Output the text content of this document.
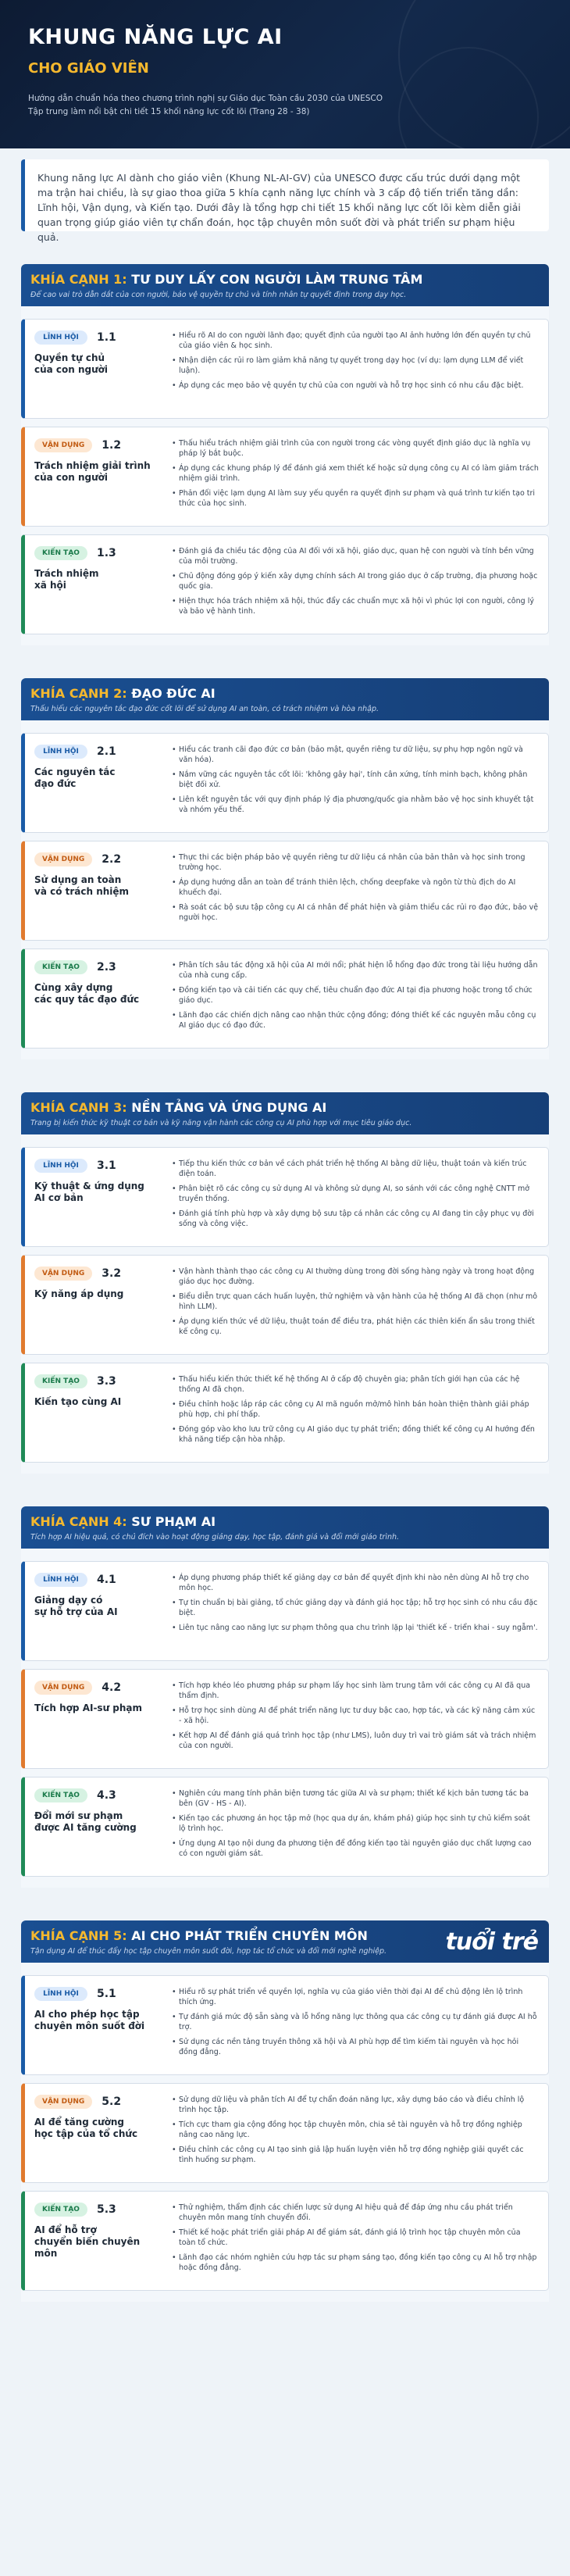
KHUNG NĂNG LỰC AI
CHO GIÁO VIÊN
Hướng dẫn chuẩn hóa theo chương trình nghị sự Giáo dục Toàn cầu 2030 của UNESCO
Tập trung làm nổi bật chi tiết 15 khối năng lực cốt lõi (Trang 28 - 38)
Khung năng lực AI dành cho giáo viên (Khung NL-AI-GV) của UNESCO được cấu trúc dưới dạng một ma trận hai chiều, là sự giao thoa giữa 5 khía cạnh năng lực chính và 3 cấp độ tiến triển tăng dần: Lĩnh hội, Vận dụng, và Kiến tạo. Dưới đây là tổng hợp chi tiết 15 khối năng lực cốt lõi kèm diễn giải quan trọng giúp giáo viên tự chẩn đoán, học tập chuyên môn suốt đời và phát triển sư phạm hiệu quả.
KHÍA CẠNH 1: TƯ DUY LẤY CON NGƯỜI LÀM TRUNG TÂM
Để cao vai trò dẫn dắt của con người, bảo vệ quyền tự chủ và tính nhân tự quyết định trong dạy học.
LĨNH HỘI	1.1
Quyền tự chủ
của con người
• Hiểu rõ AI do con người lãnh đạo; quyết định của người tạo AI ảnh hưởng lớn đến quyền tự chủ của giáo viên & học sinh.
• Nhận diện các rủi ro làm giảm khả năng tự quyết trong dạy học (ví dụ: lạm dụng LLM để viết luận).
• Áp dụng các mẹo bảo vệ quyền tự chủ của con người và hỗ trợ học sinh có nhu cầu đặc biệt.
VẬN DỤNG	1.2
Trách nhiệm giải trình
của con người
• Thấu hiểu trách nhiệm giải trình của con người trong các vòng quyết định giáo dục là nghĩa vụ pháp lý bắt buộc.
• Áp dụng các khung pháp lý để đánh giá xem thiết kế hoặc sử dụng công cụ AI có làm giảm trách nhiệm giải trình.
• Phản đối việc lạm dụng AI làm suy yếu quyền ra quyết định sư phạm và quá trình tư kiến tạo tri thức của học sinh.
KIẾN TẠO	1.3
Trách nhiệm
xã hội
• Đánh giá đa chiều tác động của AI đối với xã hội, giáo dục, quan hệ con người và tính bền vững của môi trường.
• Chủ động đóng góp ý kiến xây dựng chính sách AI trong giáo dục ở cấp trường, địa phương hoặc quốc gia.
• Hiện thực hóa trách nhiệm xã hội, thúc đẩy các chuẩn mực xã hội vì phúc lợi con người, công lý và bảo vệ hành tinh.
KHÍA CẠNH 2: ĐẠO ĐỨC AI
Thấu hiểu các nguyên tắc đạo đức cốt lõi để sử dụng AI an toàn, có trách nhiệm và hòa nhập.
LĨNH HỘI	2.1
Các nguyên tắc
đạo đức
• Hiểu các tranh cãi đạo đức cơ bản (bảo mật, quyền riêng tư dữ liệu, sự phụ hợp ngôn ngữ và văn hóa).
• Nắm vững các nguyên tắc cốt lõi: 'không gây hại', tính cân xứng, tính minh bạch, không phân biệt đối xử.
• Liên kết nguyên tắc với quy định pháp lý địa phương/quốc gia nhằm bảo vệ học sinh khuyết tật và nhóm yếu thế.
VẬN DỤNG	2.2
Sử dụng an toàn
và có trách nhiệm
• Thực thi các biện pháp bảo vệ quyền riêng tư dữ liệu cá nhân của bản thân và học sinh trong trường học.
• Áp dụng hướng dẫn an toàn để tránh thiên lệch, chống deepfake và ngôn từ thù địch do AI khuếch đại.
• Rà soát các bộ sưu tập công cụ AI cá nhân để phát hiện và giảm thiểu các rủi ro đạo đức, bảo vệ người học.
KIẾN TẠO	2.3
Cùng xây dựng
các quy tắc đạo đức
• Phân tích sâu tác động xã hội của AI mới nổi; phát hiện lỗ hổng đạo đức trong tài liệu hướng dẫn của nhà cung cấp.
• Đồng kiến tạo và cải tiến các quy chế, tiêu chuẩn đạo đức AI tại địa phương hoặc trong tổ chức giáo dục.
• Lãnh đạo các chiến dịch nâng cao nhận thức cộng đồng; đóng thiết kế các nguyên mẫu công cụ AI giáo dục có đạo đức.
KHÍA CẠNH 3: NỀN TẢNG VÀ ỨNG DỤNG AI
Trang bị kiến thức kỹ thuật cơ bản và kỹ năng vận hành các công cụ AI phù hợp với mục tiêu giáo dục.
LĨNH HỘI	3.1
Kỹ thuật & ứng dụng
AI cơ bản
• Tiếp thu kiến thức cơ bản về cách phát triển hệ thống AI bằng dữ liệu, thuật toán và kiến trúc điện toán.
• Phân biệt rõ các công cụ sử dụng AI và không sử dụng AI, so sánh với các công nghệ CNTT mở truyền thống.
• Đánh giá tính phù hợp và xây dựng bộ sưu tập cá nhân các công cụ AI đang tin cậy phục vụ đời sống và công việc.
VẬN DỤNG	3.2
Kỹ năng áp dụng
• Vận hành thành thạo các công cụ AI thường dùng trong đời sống hàng ngày và trong hoạt động giáo dục học đường.
• Biểu diễn trực quan cách huấn luyện, thử nghiệm và vận hành của hệ thống AI đã chọn (như mô hình LLM).
• Áp dụng kiến thức về dữ liệu, thuật toán để điều tra, phát hiện các thiên kiến ẩn sâu trong thiết kế công cụ.
KIẾN TẠO	3.3
Kiến tạo cùng AI
• Thấu hiểu kiến thức thiết kế hệ thống AI ở cấp độ chuyên gia; phân tích giới hạn của các hệ thống AI đã chọn.
• Điều chỉnh hoặc lắp ráp các công cụ AI mã nguồn mở/mô hình bán hoàn thiện thành giải pháp phù hợp, chi phí thấp.
• Đóng góp vào kho lưu trữ công cụ AI giáo dục tự phát triển; đồng thiết kế công cụ AI hướng đến khả năng tiếp cận hòa nhập.
KHÍA CẠNH 4: SƯ PHẠM AI
Tích hợp AI hiệu quả, có chủ đích vào hoạt động giảng dạy, học tập, đánh giá và đổi mới giáo trình.
LĨNH HỘI	4.1
Giảng dạy có
sự hỗ trợ của AI
• Áp dụng phương pháp thiết kế giảng dạy cơ bản để quyết định khi nào nên dùng AI hỗ trợ cho môn học.
• Tự tin chuẩn bị bài giảng, tổ chức giảng dạy và đánh giá học tập; hỗ trợ học sinh có nhu cầu đặc biệt.
• Liên tục nâng cao năng lực sư phạm thông qua chu trình lặp lại 'thiết kế - triển khai - suy ngẫm'.
VẬN DỤNG	4.2
Tích hợp AI-sư phạm
• Tích hợp khéo léo phương pháp sư phạm lấy học sinh làm trung tâm với các công cụ AI đã qua thẩm định.
• Hỗ trợ học sinh dùng AI để phát triển năng lực tư duy bậc cao, hợp tác, và các kỹ năng cảm xúc - xã hội.
• Kết hợp AI để đánh giá quá trình học tập (như LMS), luôn duy trì vai trò giám sát và trách nhiệm của con người.
KIẾN TẠO	4.3
Đổi mới sư phạm
được AI tăng cường
• Nghiên cứu mang tính phản biện tương tác giữa AI và sư phạm; thiết kế kịch bản tương tác ba bên (GV - HS - AI).
• Kiến tạo các phương án học tập mở (học qua dự án, khám phá) giúp học sinh tự chủ kiểm soát lộ trình học.
• Ứng dụng AI tạo nội dung đa phương tiện để đồng kiến tạo tài nguyên giáo dục chất lượng cao có con người giám sát.
KHÍA CẠNH 5: AI CHO PHÁT TRIỂN CHUYÊN MÔN
Tận dụng AI để thúc đẩy học tập chuyên môn suốt đời, hợp tác tổ chức và đổi mới nghề nghiệp.	tuổi trẻ
LĨNH HỘI	5.1
AI cho phép học tập
chuyên môn suốt đời
• Hiểu rõ sự phát triển về quyền lợi, nghĩa vụ của giáo viên thời đại AI để chủ động lên lộ trình thích ứng.
• Tự đánh giá mức độ sẵn sàng và lỗ hổng năng lực thông qua các công cụ tự đánh giá được AI hỗ trợ.
• Sử dụng các nền tảng truyền thông xã hội và AI phù hợp để tìm kiếm tài nguyên và học hỏi đồng đẳng.
VẬN DỤNG	5.2
AI để tăng cường
học tập của tổ chức
• Sử dụng dữ liệu và phân tích AI để tự chẩn đoán năng lực, xây dựng báo cáo và điều chỉnh lộ trình học tập.
• Tích cực tham gia cộng đồng học tập chuyên môn, chia sẻ tài nguyên và hỗ trợ đồng nghiệp nâng cao năng lực.
• Điều chỉnh các công cụ AI tạo sinh giả lập huấn luyện viên hỗ trợ đồng nghiệp giải quyết các tình huống sư phạm.
KIẾN TẠO	5.3
AI để hỗ trợ
chuyển biến chuyên môn
• Thử nghiệm, thẩm định các chiến lược sử dụng AI hiệu quả để đáp ứng nhu cầu phát triển chuyên môn mang tính chuyển đổi.
• Thiết kế hoặc phát triển giải pháp AI để giám sát, đánh giá lộ trình học tập chuyên môn của toàn tổ chức.
• Lãnh đạo các nhóm nghiên cứu hợp tác sư phạm sáng tạo, đồng kiến tạo công cụ AI hỗ trợ nhập hoặc đồng đẳng.
